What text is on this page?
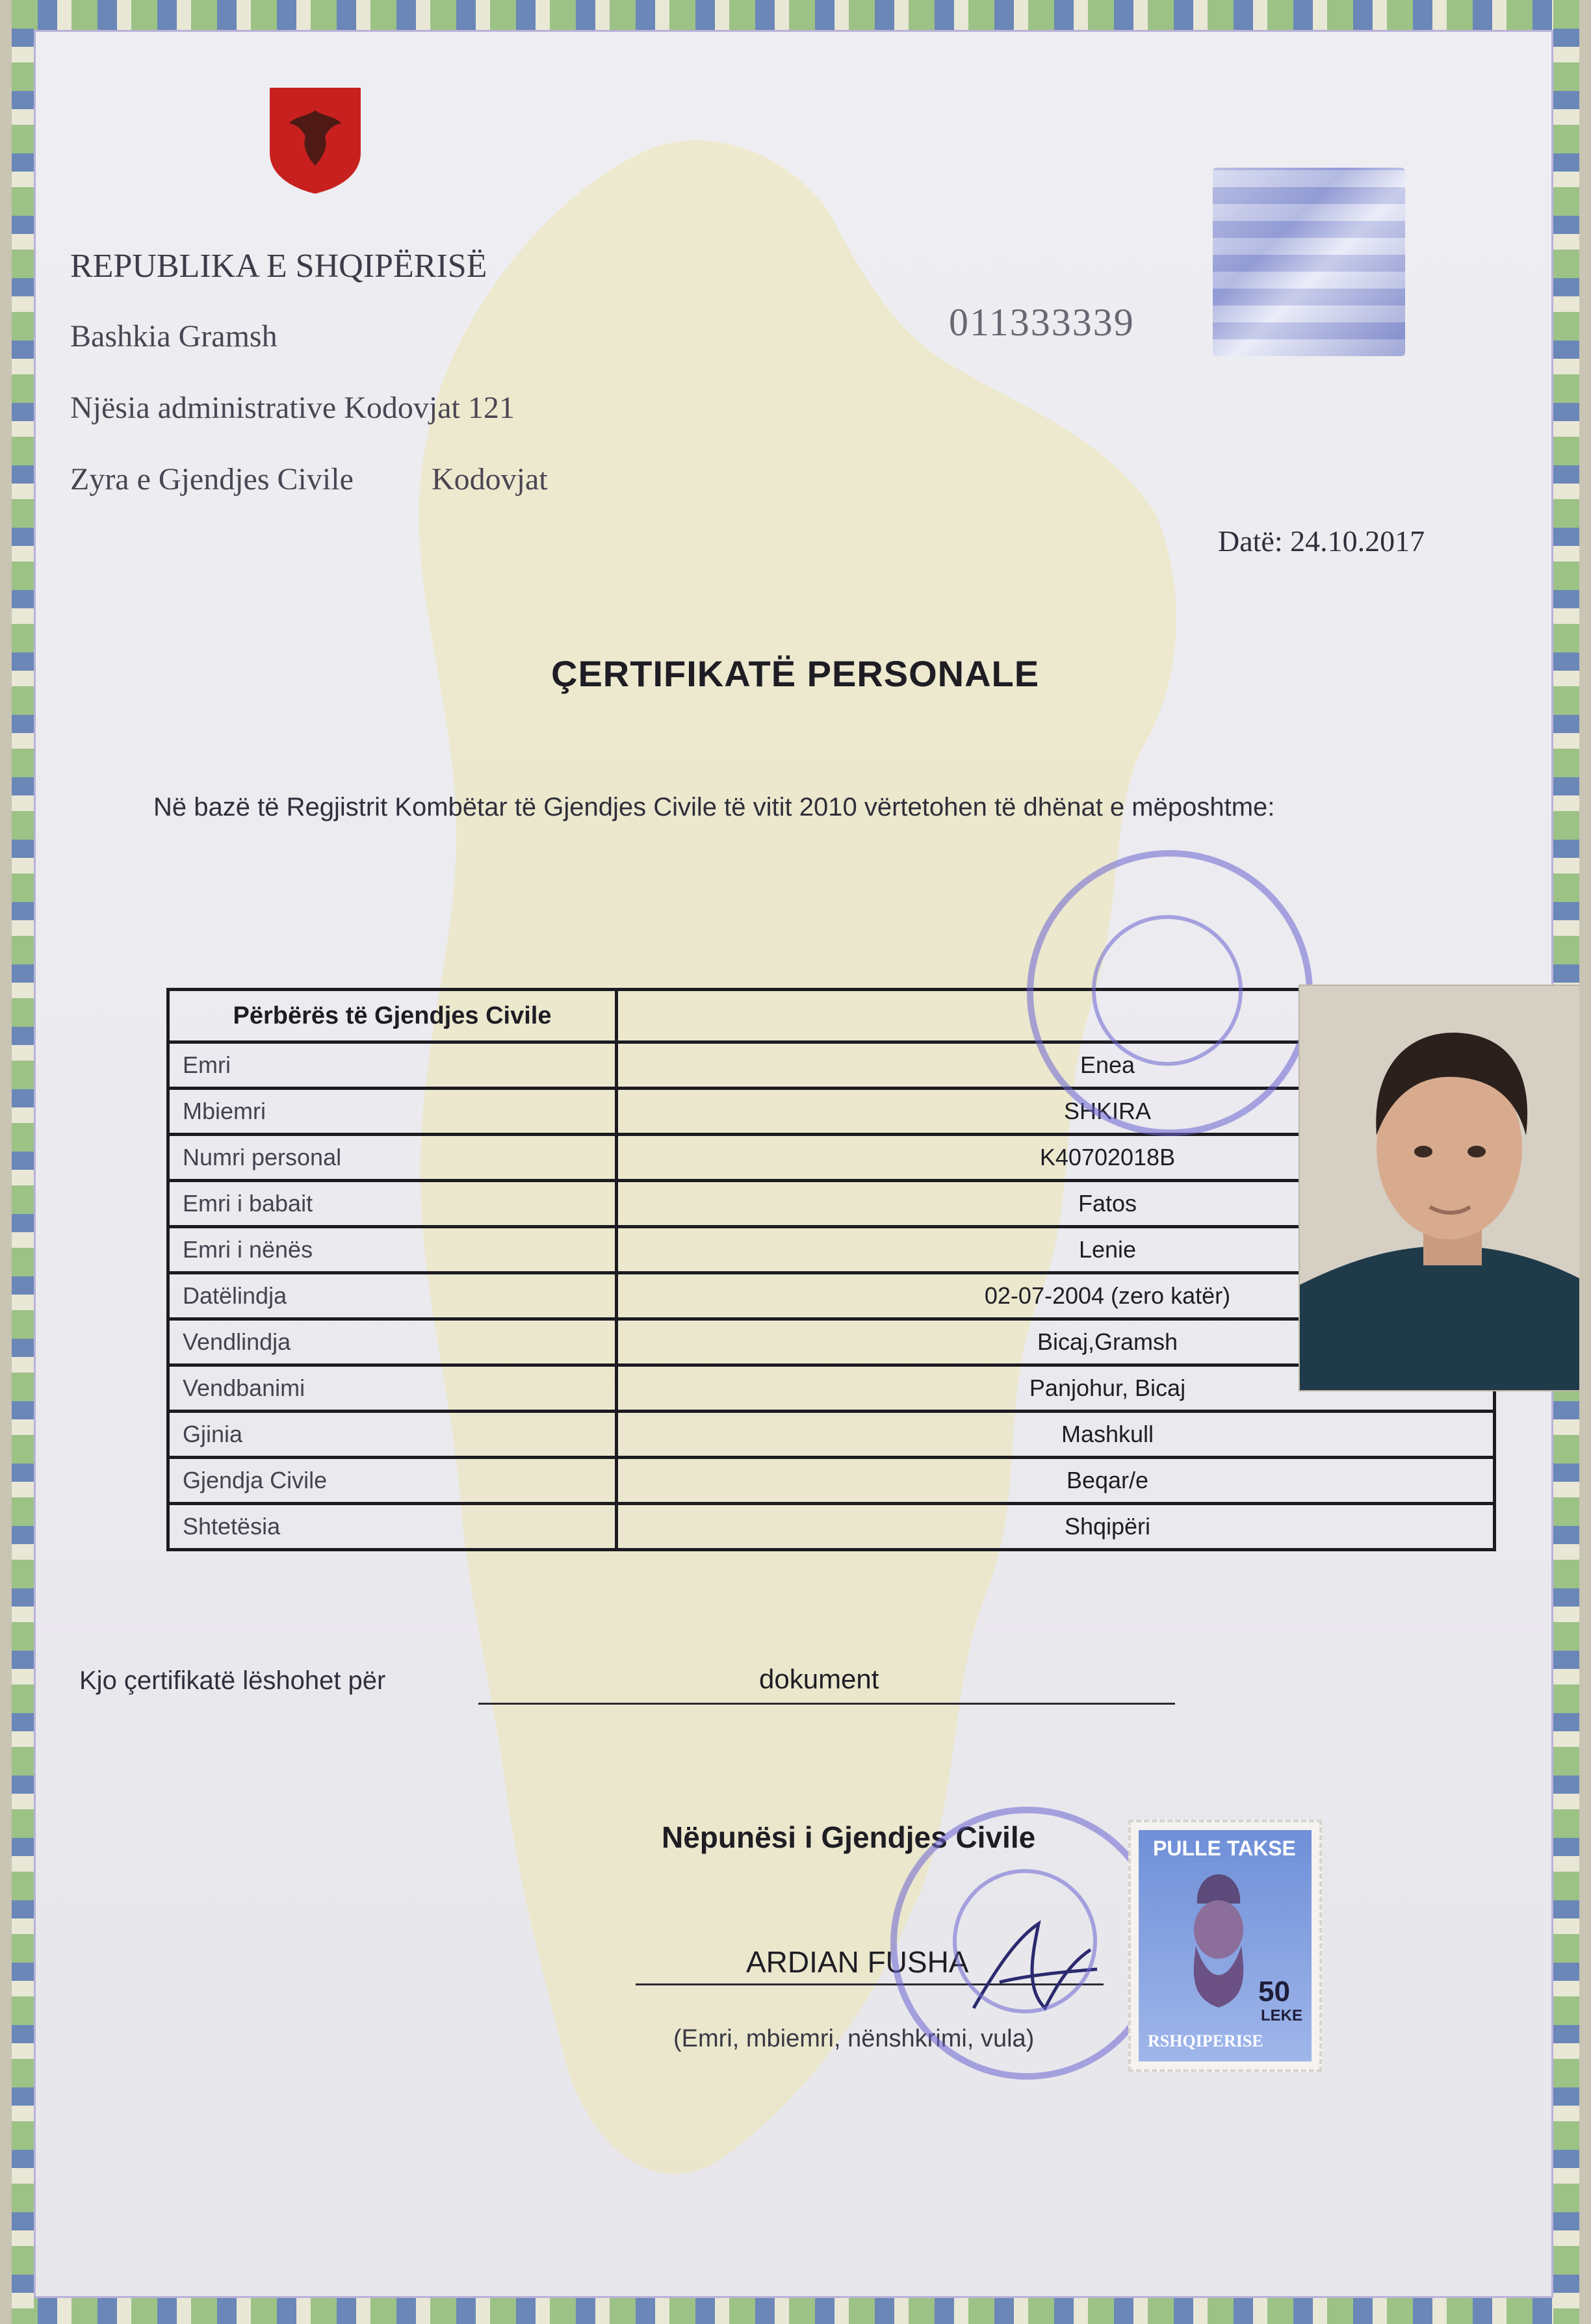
REPUBLIKA E SHQIPËRISË
Bashkia Gramsh
Njësia administrative Kodovjat 121
Zyra e Gjendjes Civile	Kodovjat
011333339
Datë: 24.10.2017
ÇERTIFIKATË PERSONALE
Në bazë të Regjistrit Kombëtar të Gjendjes Civile të vitit 2010 vërtetohen të dhënat e mëposhtme:
Përbërës të Gjendjes Civile	
Emri	Enea
Mbiemri	SHKIRA
Numri personal	K40702018B
Emri i babait	Fatos
Emri i nënës	Lenie
Datëlindja	02-07-2004 (zero katër)
Vendlindja	Bicaj,Gramsh
Vendbanimi	Panjohur, Bicaj
Gjinia	Mashkull
Gjendja Civile	Beqar/e
Shtetësia	Shqipëri
Kjo çertifikatë lëshohet për	dokument
Nëpunësi i Gjendjes Civile
ARDIAN FUSHA
(Emri, mbiemri, nënshkrimi, vula)
PULLE TAKSE
50
LEKE
RSHQIPERISE
